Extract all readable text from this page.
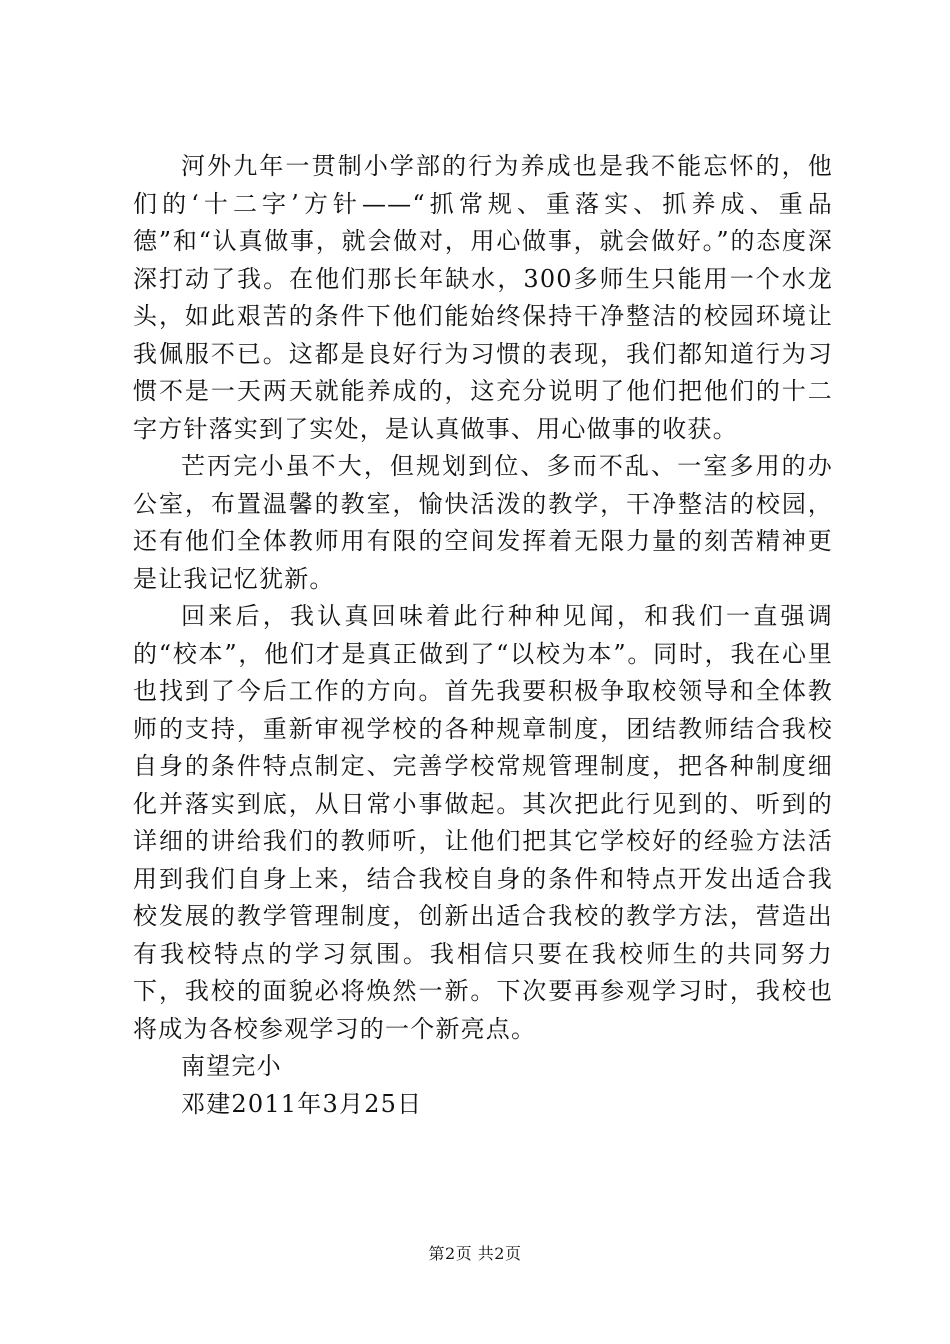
河外九年一贯制小学部的行为养成也是我不能忘怀的，他们的‘十二字’方针——“抓常规、重落实、抓养成、重品德”和“认真做事，就会做对，用心做事，就会做好。”的态度深深打动了我。在他们那长年缺水，300多师生只能用一个水龙头，如此艰苦的条件下他们能始终保持干净整洁的校园环境让我佩服不已。这都是良好行为习惯的表现，我们都知道行为习惯不是一天两天就能养成的，这充分说明了他们把他们的十二字方针落实到了实处，是认真做事、用心做事的收获。

芒丙完小虽不大，但规划到位、多而不乱、一室多用的办公室，布置温馨的教室，愉快活泼的教学，干净整洁的校园，还有他们全体教师用有限的空间发挥着无限力量的刻苦精神更是让我记忆犹新。

回来后，我认真回味着此行种种见闻，和我们一直强调的“校本”，他们才是真正做到了“以校为本”。同时，我在心里也找到了今后工作的方向。首先我要积极争取校领导和全体教师的支持，重新审视学校的各种规章制度，团结教师结合我校自身的条件特点制定、完善学校常规管理制度，把各种制度细化并落实到底，从日常小事做起。其次把此行见到的、听到的详细的讲给我们的教师听，让他们把其它学校好的经验方法活用到我们自身上来，结合我校自身的条件和特点开发出适合我校发展的教学管理制度，创新出适合我校的教学方法，营造出有我校特点的学习氛围。我相信只要在我校师生的共同努力下，我校的面貌必将焕然一新。下次要再参观学习时，我校也将成为各校参观学习的一个新亮点。

南望完小

邓建2011年3月25日

第2页 共2页
